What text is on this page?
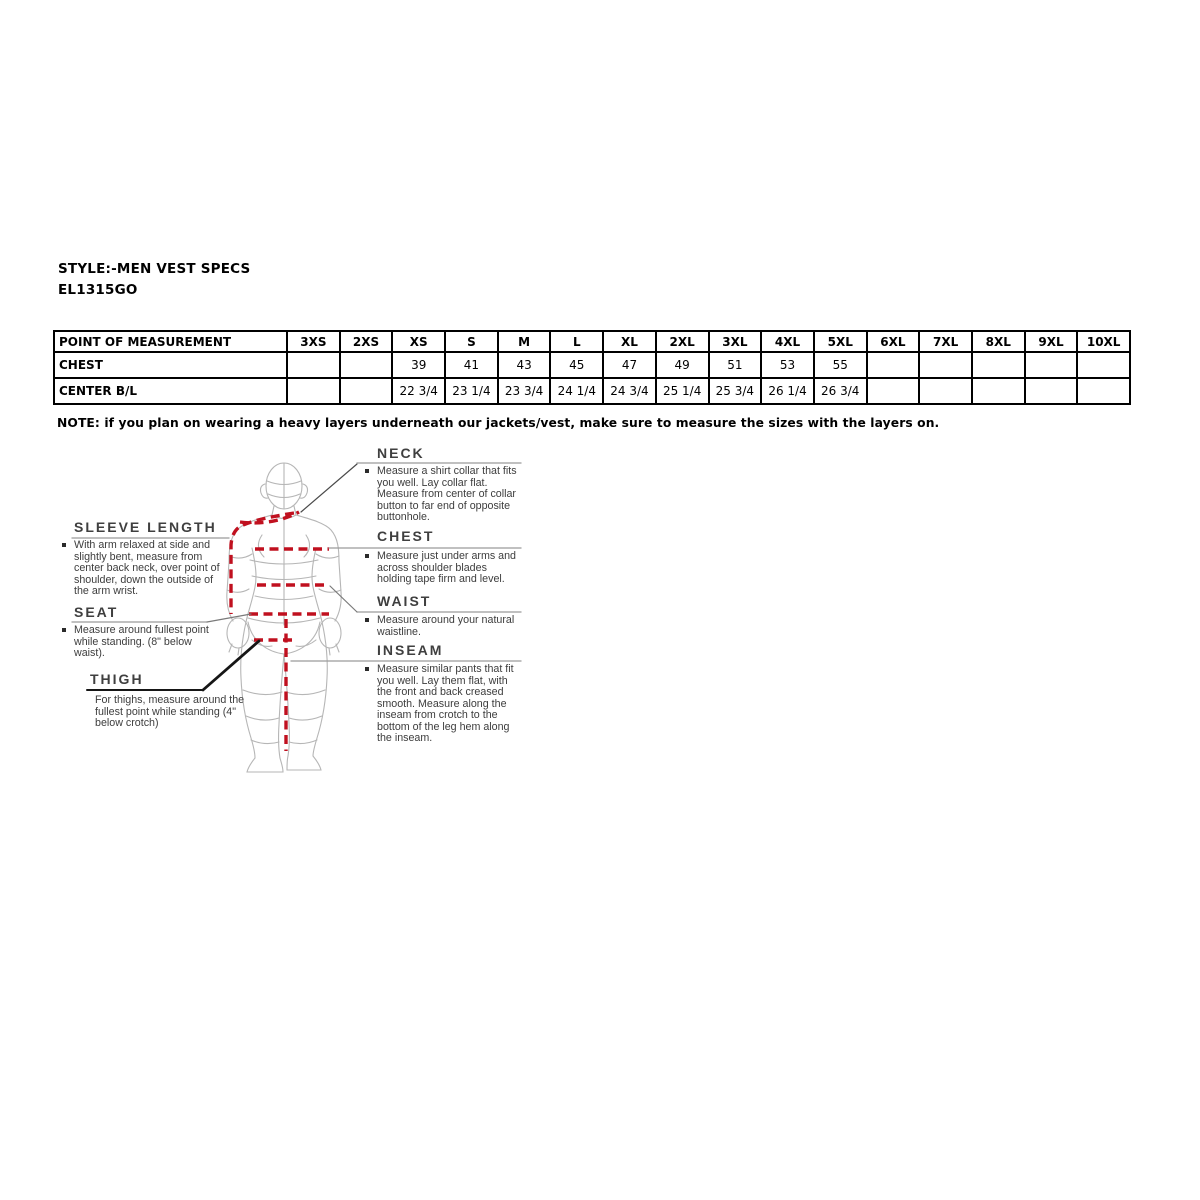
STYLE:-MEN VEST SPECS
EL1315GO
POINT OF MEASUREMENT	3XS	2XS	XS	S	M	L	XL	2XL	3XL	4XL	5XL	6XL	7XL	8XL	9XL	10XL
CHEST			39	41	43	45	47	49	51	53	55					
CENTER B/L			22 3/4	23 1/4	23 3/4	24 1/4	24 3/4	25 1/4	25 3/4	26 1/4	26 3/4					
NOTE: if you plan on wearing a heavy layers underneath our jackets/vest, make sure to measure the sizes with the layers on.
NECK
Measure a shirt collar that fits you well. Lay collar flat. Measure from center of collar button to far end of opposite buttonhole.
CHEST
Measure just under arms and across shoulder blades holding tape firm and level.
WAIST
Measure around your natural waistline.
INSEAM
Measure similar pants that fit you well. Lay them flat, with the front and back creased smooth. Measure along the inseam from crotch to the bottom of the leg hem along the inseam.
SLEEVE LENGTH
With arm relaxed at side and slightly bent, measure from center back neck, over point of shoulder, down the outside of the arm wrist.
SEAT
Measure around fullest point while standing. (8" below waist).
THIGH
For thighs, measure around the fullest point while standing (4" below crotch)
